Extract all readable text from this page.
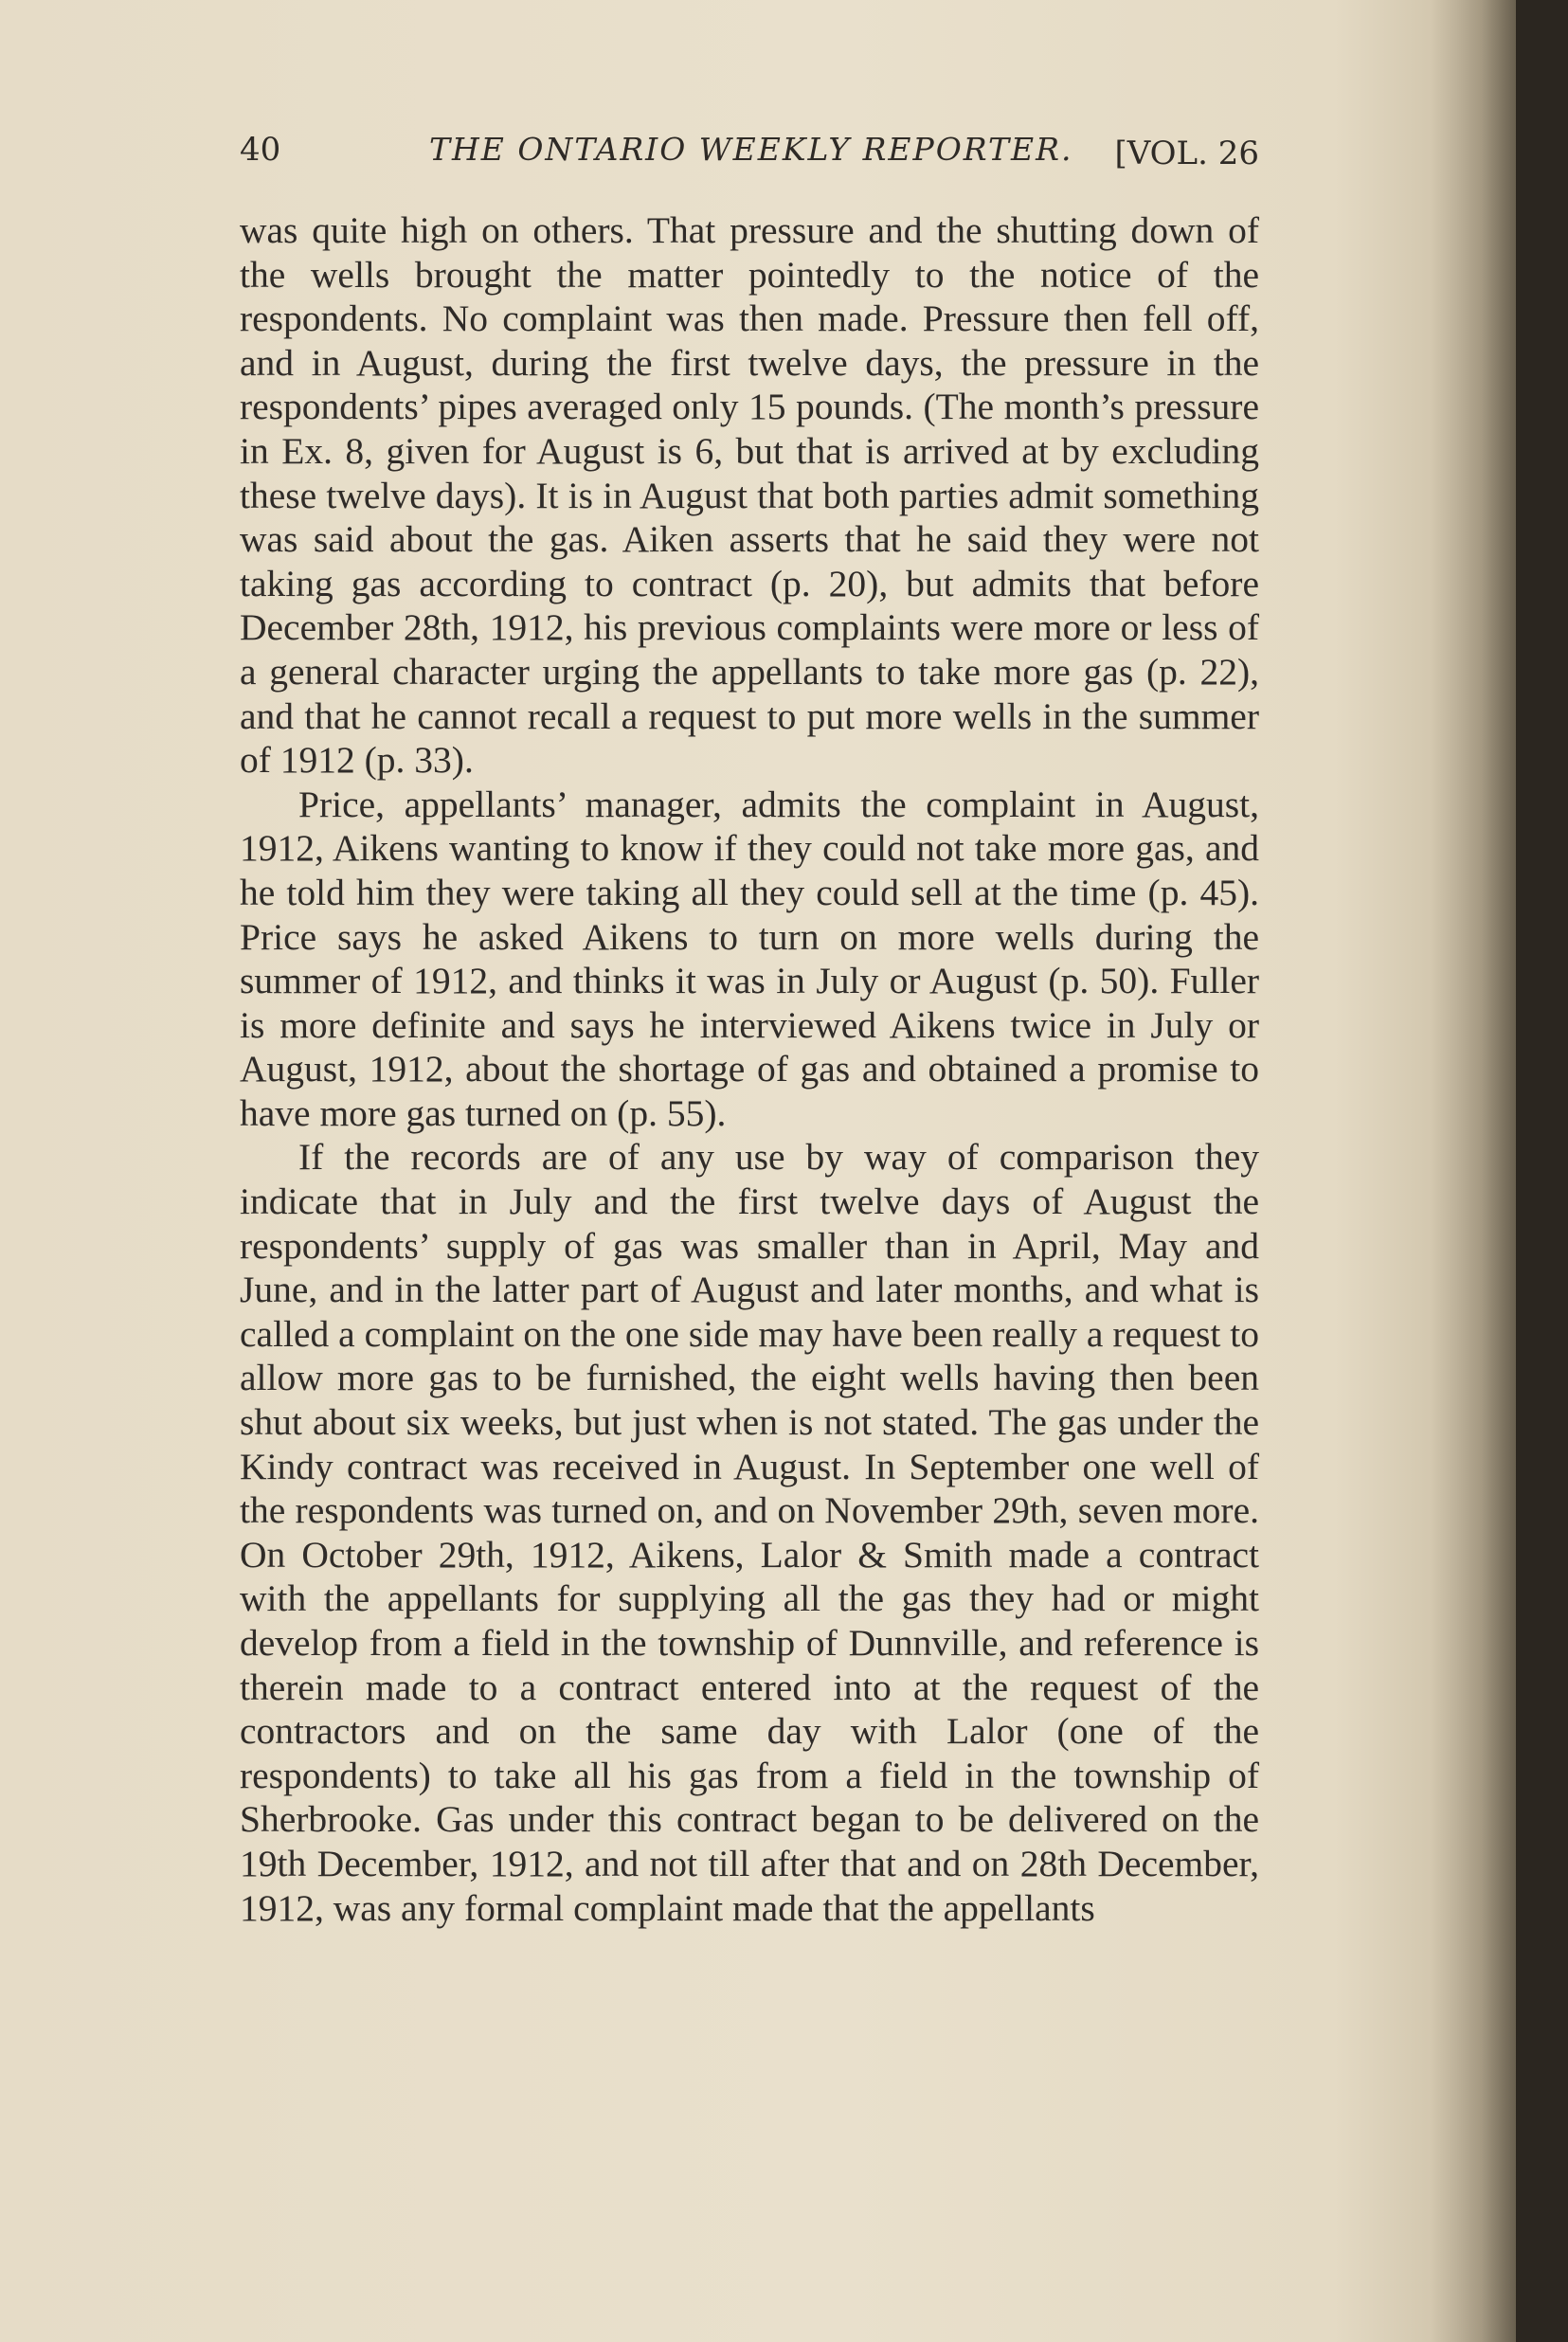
40	THE ONTARIO WEEKLY REPORTER. [VOL. 26

was quite high on others. That pressure and the shutting down of the wells brought the matter pointedly to the notice of the respondents. No complaint was then made. Pressure then fell off, and in August, during the first twelve days, the pressure in the respondents’ pipes averaged only 15 pounds. (The month’s pressure in Ex. 8, given for August is 6, but that is arrived at by excluding these twelve days). It is in August that both parties admit something was said about the gas. Aiken asserts that he said they were not taking gas according to contract (p. 20), but admits that before December 28th, 1912, his previous complaints were more or less of a general character urging the appellants to take more gas (p. 22), and that he cannot recall a request to put more wells in the summer of 1912 (p. 33).

Price, appellants’ manager, admits the complaint in August, 1912, Aikens wanting to know if they could not take more gas, and he told him they were taking all they could sell at the time (p. 45). Price says he asked Aikens to turn on more wells during the summer of 1912, and thinks it was in July or August (p. 50). Fuller is more definite and says he interviewed Aikens twice in July or August, 1912, about the shortage of gas and obtained a promise to have more gas turned on (p. 55).

If the records are of any use by way of comparison they indicate that in July and the first twelve days of August the respondents’ supply of gas was smaller than in April, May and June, and in the latter part of August and later months, and what is called a complaint on the one side may have been really a request to allow more gas to be furnished, the eight wells having then been shut about six weeks, but just when is not stated. The gas under the Kindy contract was received in August. In September one well of the respondents was turned on, and on November 29th, seven more. On October 29th, 1912, Aikens, Lalor & Smith made a contract with the appellants for supplying all the gas they had or might develop from a field in the township of Dunnville, and reference is therein made to a contract entered into at the request of the contractors and on the same day with Lalor (one of the respondents) to take all his gas from a field in the township of Sherbrooke. Gas under this contract began to be delivered on the 19th December, 1912, and not till after that and on 28th December, 1912, was any formal complaint made that the appellants
